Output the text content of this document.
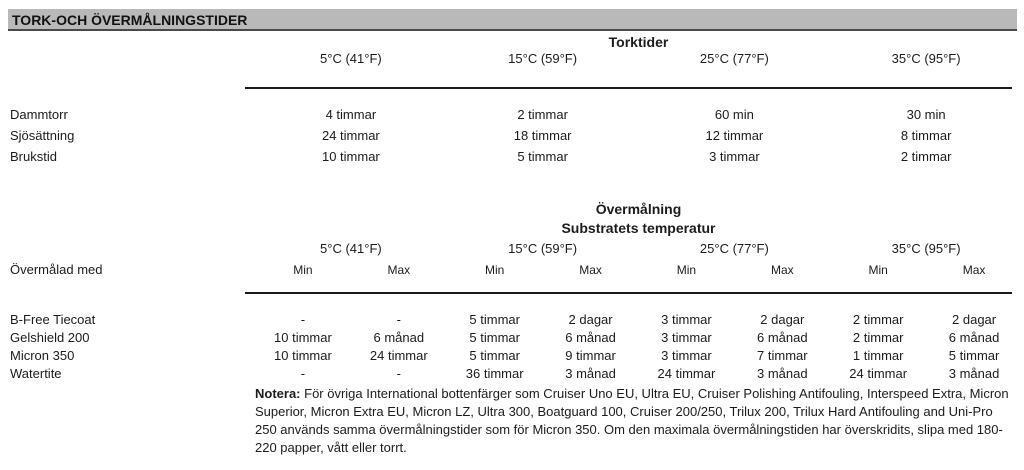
TORK-OCH ÖVERMÅLNINGSTIDER
Torktider
5°C (41°F)	15°C (59°F)	25°C (77°F)	35°C (95°F)
Dammtorr	4 timmar	2 timmar	60 min	30 min
Sjösättning	24 timmar	18 timmar	12 timmar	8 timmar
Brukstid	10 timmar	5 timmar	3 timmar	2 timmar
Övermålning
Substratets temperatur
5°C (41°F)	15°C (59°F)	25°C (77°F)	35°C (95°F)
Övermålad med	Min	Max	Min	Max	Min	Max	Min	Max
B-Free Tiecoat	-	-	5 timmar	2 dagar	3 timmar	2 dagar	2 timmar	2 dagar
Gelshield 200	10 timmar	6 månad	5 timmar	6 månad	3 timmar	6 månad	2 timmar	6 månad
Micron 350	10 timmar	24 timmar	5 timmar	9 timmar	3 timmar	7 timmar	1 timmar	5 timmar
Watertite	-	-	36 timmar	3 månad	24 timmar	3 månad	24 timmar	3 månad

Notera: För övriga International bottenfärger som Cruiser Uno EU, Ultra EU, Cruiser Polishing Antifouling, Interspeed Extra, Micron Superior, Micron Extra EU, Micron LZ, Ultra 300, Boatguard 100, Cruiser 200/250, Trilux 200, Trilux Hard Antifouling and Uni-Pro 250 används samma övermålningstider som för Micron 350. Om den maximala övermålningstiden har överskridits, slipa med 180-220 papper, vått eller torrt.
